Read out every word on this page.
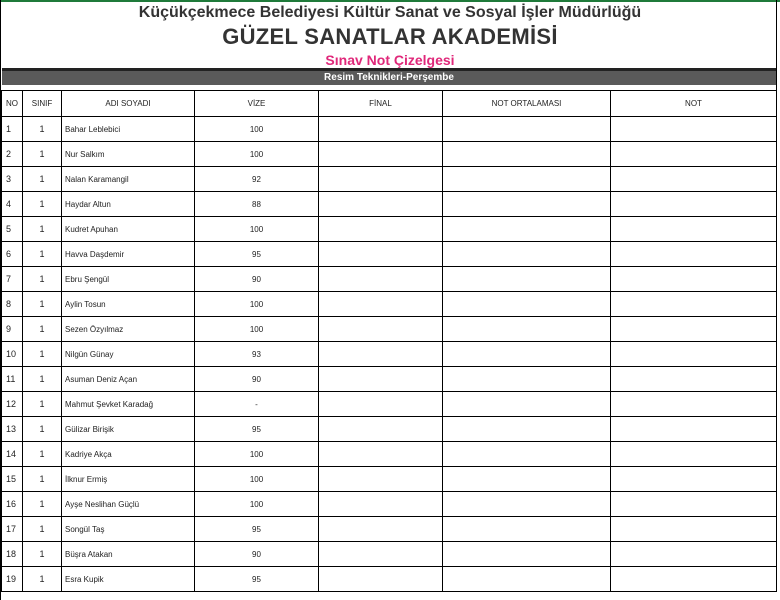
Küçükçekmece Belediyesi Kültür Sanat ve Sosyal İşler Müdürlüğü
GÜZEL SANATLAR AKADEMİSİ
Sınav Not Çizelgesi
Resim Teknikleri-Perşembe
NO	SINIF	ADI SOYADI	VİZE	FİNAL	NOT ORTALAMASI	NOT
1	1	Bahar Leblebici	100			
2	1	Nur Salkım	100			
3	1	Nalan Karamangil	92			
4	1	Haydar Altun	88			
5	1	Kudret Apuhan	100			
6	1	Havva Daşdemir	95			
7	1	Ebru Şengül	90			
8	1	Aylin Tosun	100			
9	1	Sezen Özyılmaz	100			
10	1	Nilgün Günay	93			
11	1	Asuman Deniz Açan	90			
12	1	Mahmut Şevket Karadağ	-			
13	1	Gülizar Birişik	95			
14	1	Kadriye Akça	100			
15	1	İlknur Ermiş	100			
16	1	Ayşe Neslihan Güçlü	100			
17	1	Songül Taş	95			
18	1	Büşra Atakan	90			
19	1	Esra Kupik	95			
